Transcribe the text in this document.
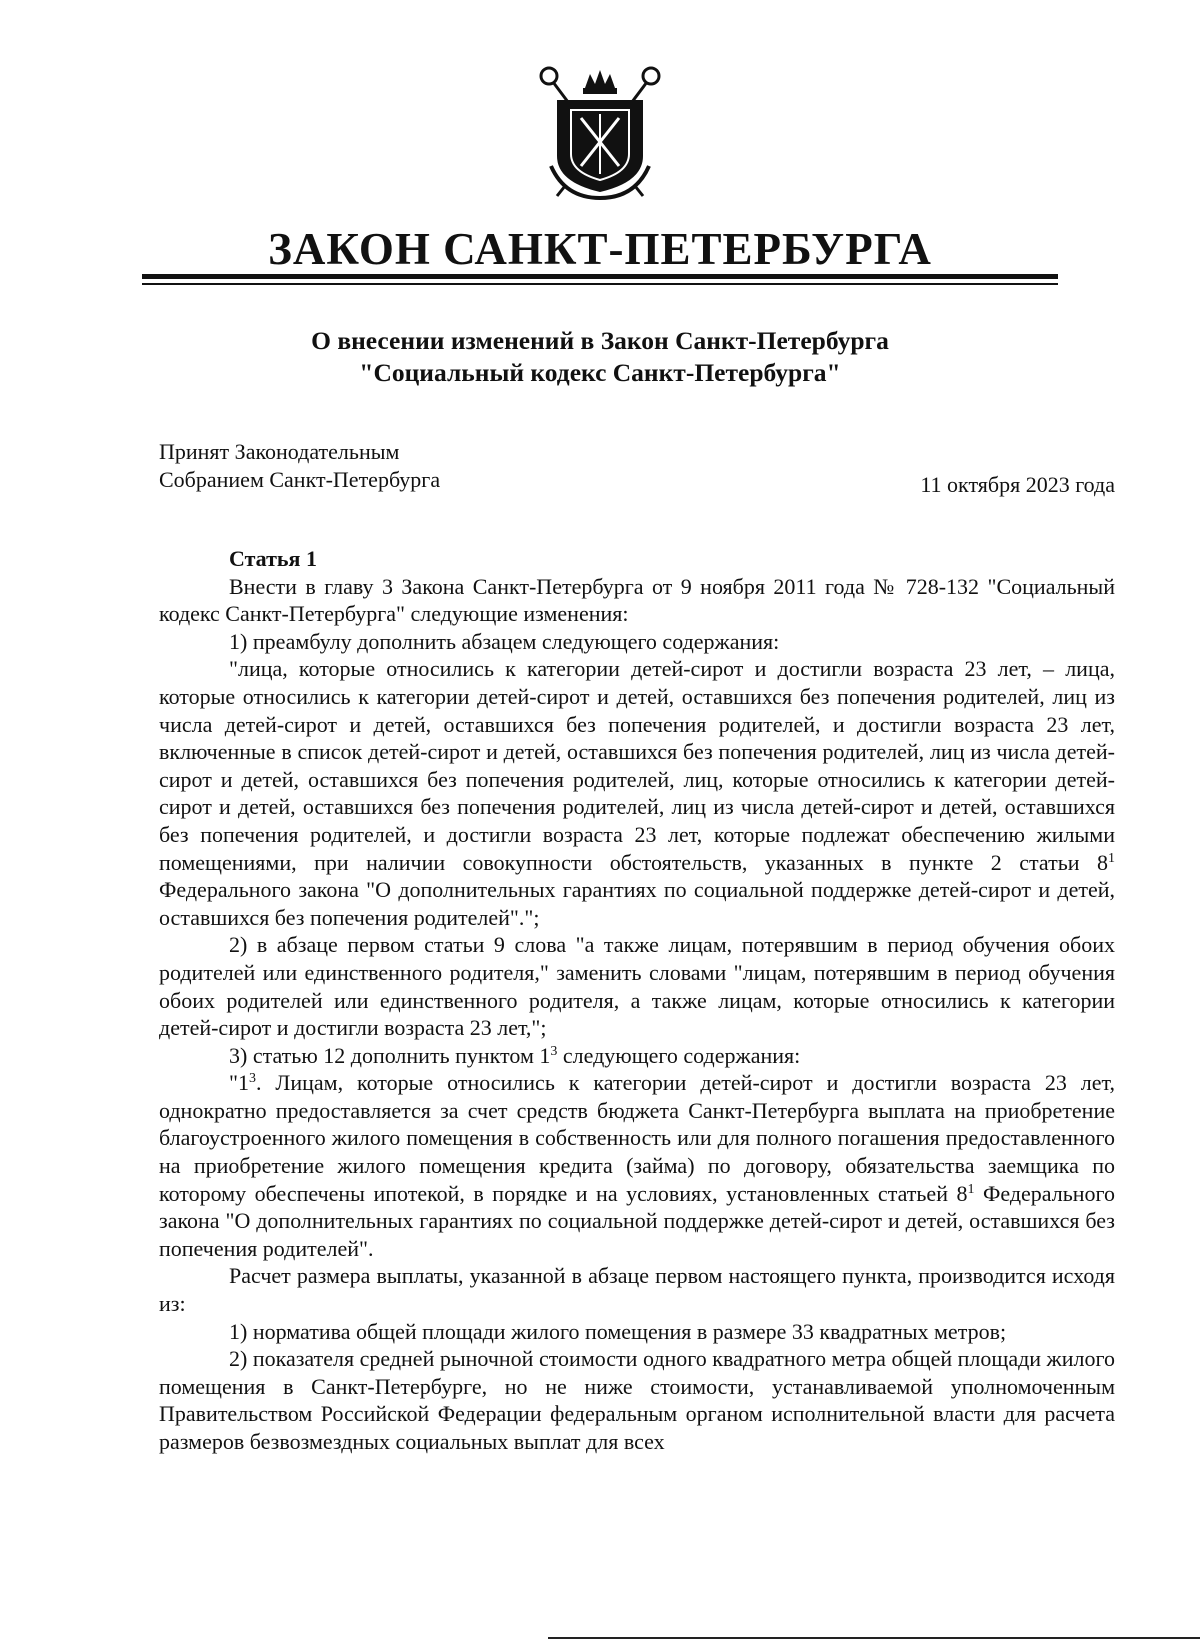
ЗАКОН САНКТ-ПЕТЕРБУРГА
О внесении изменений в Закон Санкт-Петербурга
"Социальный кодекс Санкт-Петербурга"
Принят Законодательным
Собранием Санкт-Петербурга	11 октября 2023 года

Статья 1

Внести в главу 3 Закона Санкт-Петербурга от 9 ноября 2011 года № 728-132 "Социальный кодекс Санкт-Петербурга" следующие изменения:

1) преамбулу дополнить абзацем следующего содержания:

"лица, которые относились к категории детей-сирот и достигли возраста 23 лет, – лица, которые относились к категории детей-сирот и детей, оставшихся без попечения родителей, лиц из числа детей-сирот и детей, оставшихся без попечения родителей, и достигли возраста 23 лет, включенные в список детей-сирот и детей, оставшихся без попечения родителей, лиц из числа детей-сирот и детей, оставшихся без попечения родителей, лиц, которые относились к категории детей-сирот и детей, оставшихся без попечения родителей, лиц из числа детей-сирот и детей, оставшихся без попечения родителей, и достигли возраста 23 лет, которые подлежат обеспечению жилыми помещениями, при наличии совокупности обстоятельств, указанных в пункте 2 статьи $8^1$ Федерального закона "О дополнительных гарантиях по социальной поддержке детей-сирот и детей, оставшихся без попечения родителей".";

2) в абзаце первом статьи 9 слова "а также лицам, потерявшим в период обучения обоих родителей или единственного родителя," заменить словами "лицам, потерявшим в период обучения обоих родителей или единственного родителя, а также лицам, которые относились к категории детей-сирот и достигли возраста 23 лет,";

3) статью 12 дополнить пунктом $1^3$ следующего содержания:

"$1^3$. Лицам, которые относились к категории детей-сирот и достигли возраста 23 лет, однократно предоставляется за счет средств бюджета Санкт-Петербурга выплата на приобретение благоустроенного жилого помещения в собственность или для полного погашения предоставленного на приобретение жилого помещения кредита (займа) по договору, обязательства заемщика по которому обеспечены ипотекой, в порядке и на условиях, установленных статьей $8^1$ Федерального закона "О дополнительных гарантиях по социальной поддержке детей-сирот и детей, оставшихся без попечения родителей".

Расчет размера выплаты, указанной в абзаце первом настоящего пункта, производится исходя из:

1) норматива общей площади жилого помещения в размере 33 квадратных метров;

2) показателя средней рыночной стоимости одного квадратного метра общей площади жилого помещения в Санкт-Петербурге, но не ниже стоимости, устанавливаемой уполномоченным Правительством Российской Федерации федеральным органом исполнительной власти для расчета размеров безвозмездных социальных выплат для всех
